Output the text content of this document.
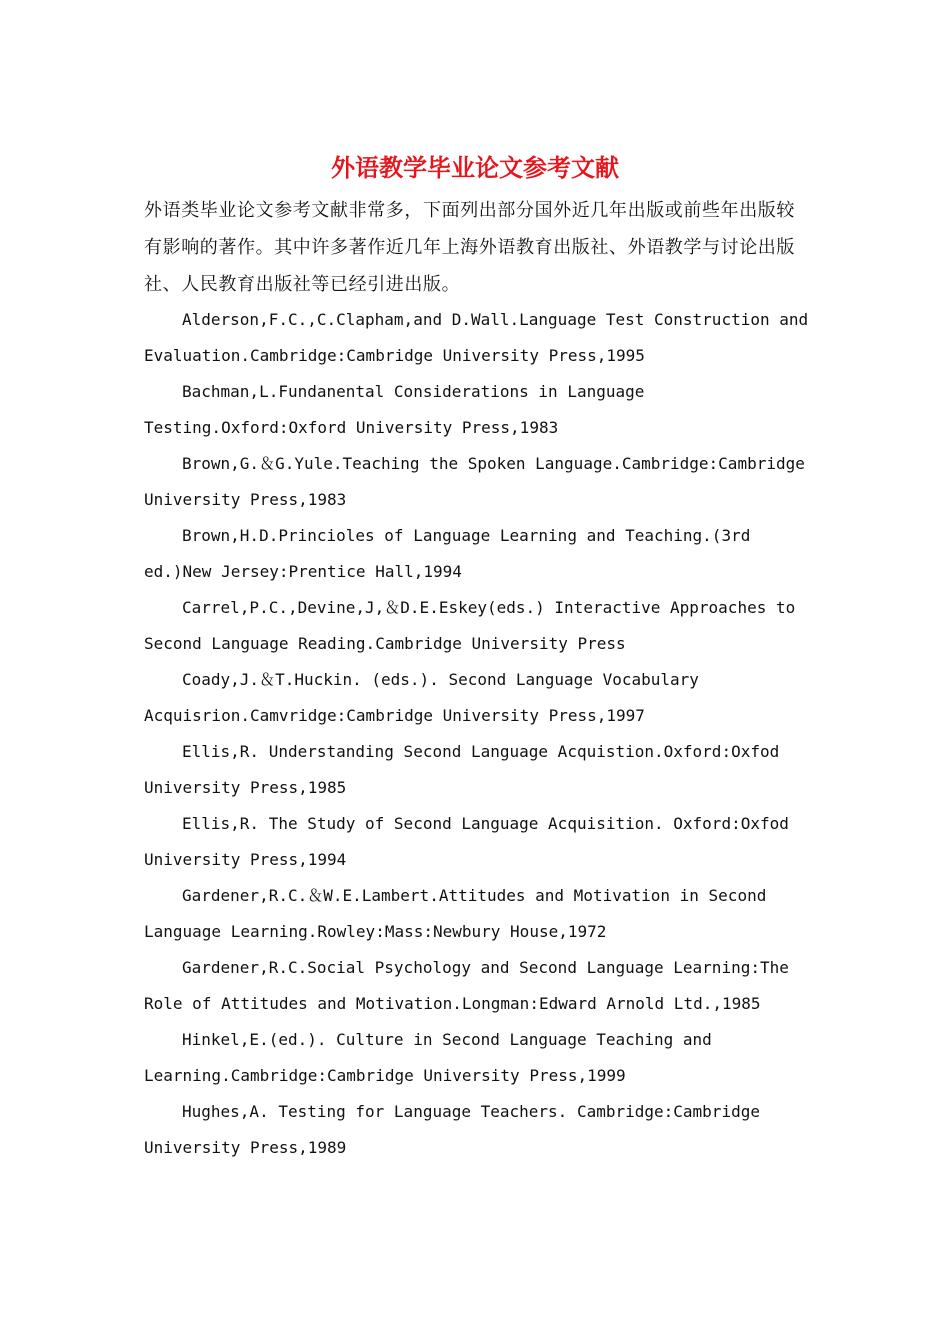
外语教学毕业论文参考文献

外语类毕业论文参考文献非常多，下面列出部分国外近几年出版或前些年出版较有影响的著作。其中许多著作近几年上海外语教育出版社、外语教学与讨论出版社、人民教育出版社等已经引进出版。

Alderson,F.C.,C.Clapham,and D.Wall.Language Test Construction and
Evaluation.Cambridge:Cambridge University Press,1995
Bachman,L.Fundanental Considerations in Language
Testing.Oxford:Oxford University Press,1983
Brown,G.＆G.Yule.Teaching the Spoken Language.Cambridge:Cambridge
University Press,1983
Brown,H.D.Princioles of Language Learning and Teaching.(3rd
ed.)New Jersey:Prentice Hall,1994
Carrel,P.C.,Devine,J,＆D.E.Eskey(eds.) Interactive Approaches to
Second Language Reading.Cambridge University Press
Coady,J.＆T.Huckin. (eds.). Second Language Vocabulary
Acquisrion.Camvridge:Cambridge University Press,1997
Ellis,R. Understanding Second Language Acquistion.Oxford:Oxfod
University Press,1985
Ellis,R. The Study of Second Language Acquisition. Oxford:Oxfod
University Press,1994
Gardener,R.C.＆W.E.Lambert.Attitudes and Motivation in Second
Language Learning.Rowley:Mass:Newbury House,1972
Gardener,R.C.Social Psychology and Second Language Learning:The
Role of Attitudes and Motivation.Longman:Edward Arnold Ltd.,1985
Hinkel,E.(ed.). Culture in Second Language Teaching and
Learning.Cambridge:Cambridge University Press,1999
Hughes,A. Testing for Language Teachers. Cambridge:Cambridge
University Press,1989
